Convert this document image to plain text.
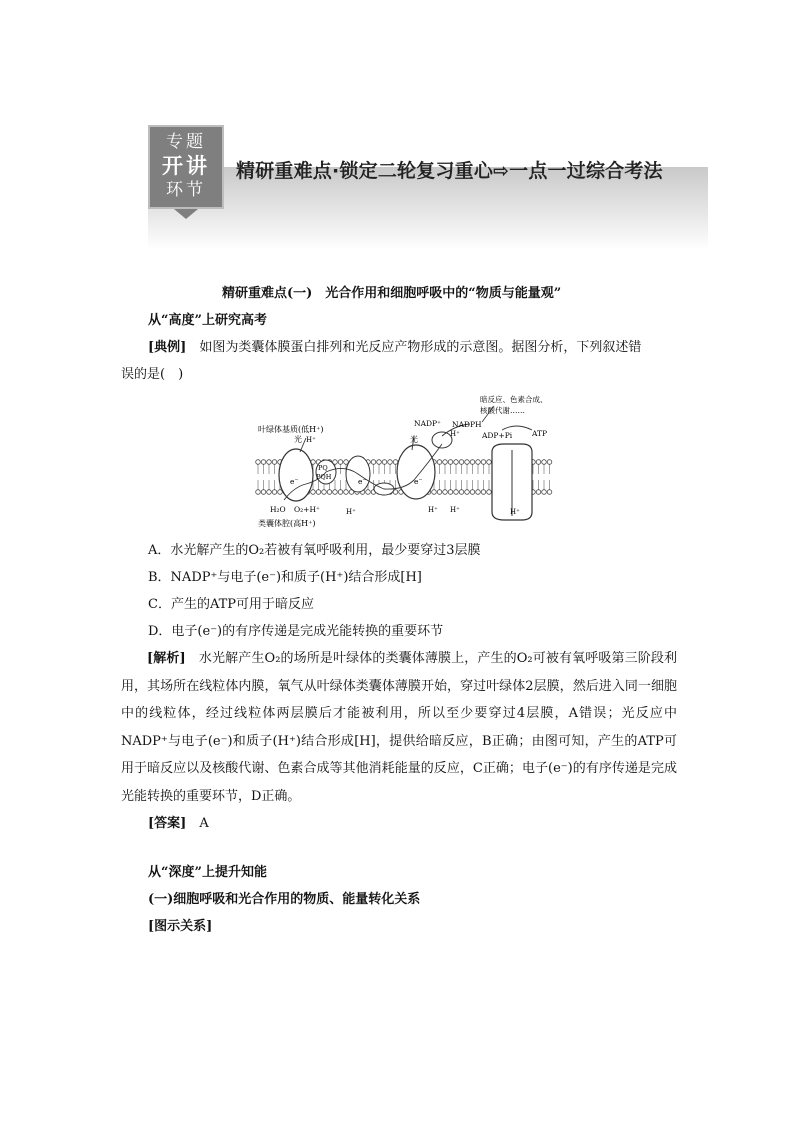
专题
开讲
环节
精研重难点·锁定二轮复习重心⇨一点一过综合考法
精研重难点(一)　光合作用和细胞呼吸中的“物质与能量观”
从“高度”上研究高考
[典例]　 如图为类囊体膜蛋白排列和光反应产物形成的示意图。据图分析，下列叙述错
误的是(　)
叶绿体基质(低H⁺)
光 H⁺	光
NADP⁺ NADPH
H⁺
暗反应、色素合成、
核酸代谢……
ADP+Pi	ATP
PQ
PQH
e⁻	e⁻	e⁻
H₂O O₂+H⁺	H⁺	H⁺ H⁺	H⁺
类囊体腔(高H⁺)
A．水光解产生的O₂若被有氧呼吸利用，最少要穿过3层膜
B．NADP⁺与电子(e⁻)和质子(H⁺)结合形成[H]
C．产生的ATP可用于暗反应
D．电子(e⁻)的有序传递是完成光能转换的重要环节
[解析]　 水光解产生O₂的场所是叶绿体的类囊体薄膜上，产生的O₂可被有氧呼吸第三阶段利用，其场所在线粒体内膜，氧气从叶绿体类囊体薄膜开始，穿过叶绿体2层膜，然后进入同一细胞中的线粒体，经过线粒体两层膜后才能被利用，所以至少要穿过4层膜，A错误；光反应中NADP⁺与电子(e⁻)和质子(H⁺)结合形成[H]，提供给暗反应，B正确；由图可知，产生的ATP可用于暗反应以及核酸代谢、色素合成等其他消耗能量的反应，C正确；电子(e⁻)的有序传递是完成光能转换的重要环节，D正确。
[答案]　 A
从“深度”上提升知能
(一)细胞呼吸和光合作用的物质、能量转化关系
[图示关系]
